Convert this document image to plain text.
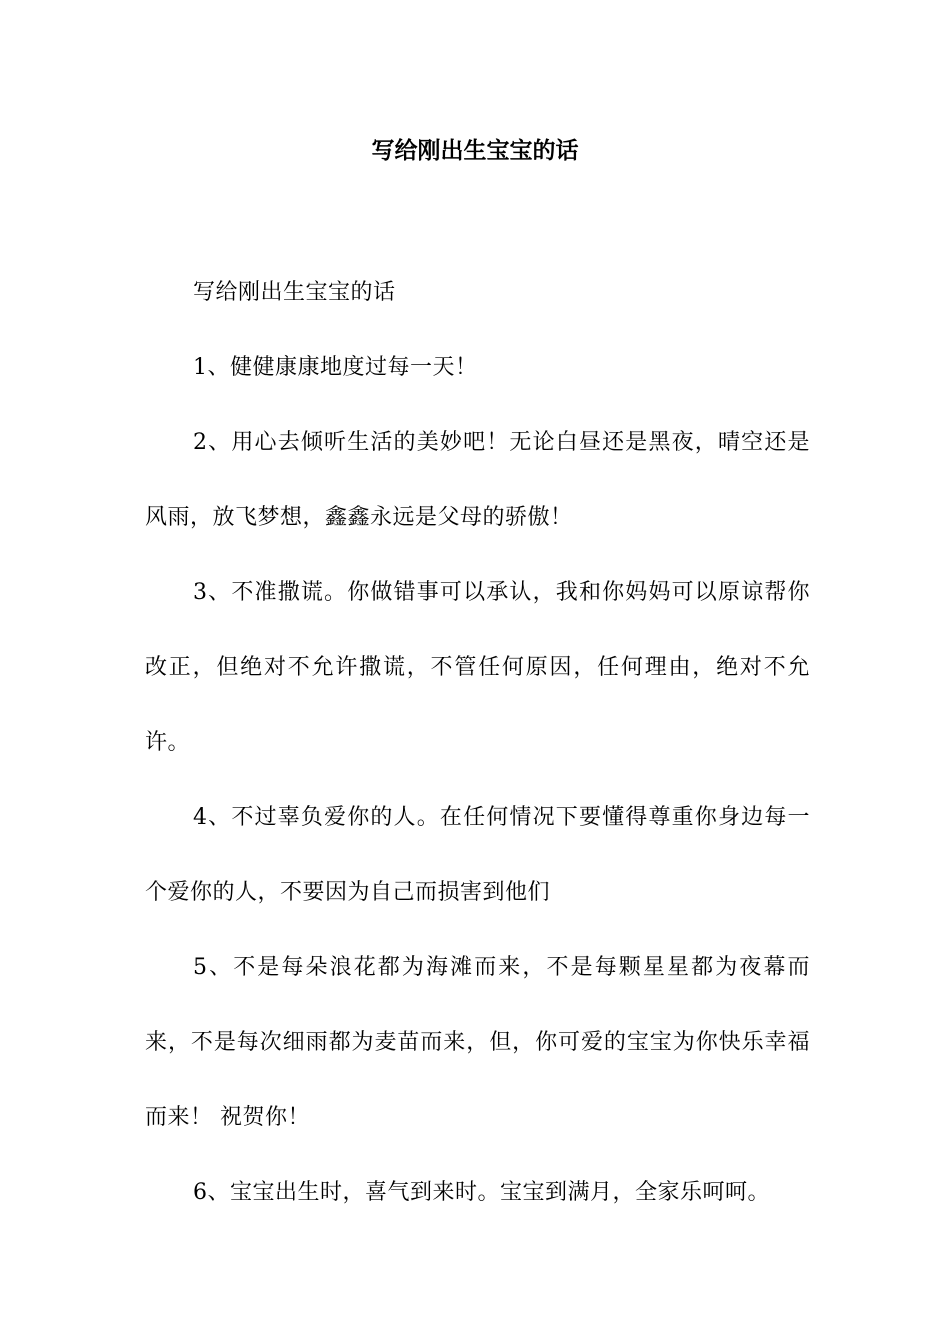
写给刚出生宝宝的话

写给刚出生宝宝的话

1、健健康康地度过每一天！

2、用心去倾听生活的美妙吧！无论白昼还是黑夜，晴空还是风雨，放飞梦想，鑫鑫永远是父母的骄傲！

3、不准撒谎。你做错事可以承认，我和你妈妈可以原谅帮你改正，但绝对不允许撒谎，不管任何原因，任何理由，绝对不允许。

4、不过辜负爱你的人。在任何情况下要懂得尊重你身边每一个爱你的人，不要因为自己而损害到他们

5、不是每朵浪花都为海滩而来，不是每颗星星都为夜幕而来，不是每次细雨都为麦苗而来，但，你可爱的宝宝为你快乐幸福而来！ 祝贺你！

6、宝宝出生时，喜气到来时。宝宝到满月，全家乐呵呵。
